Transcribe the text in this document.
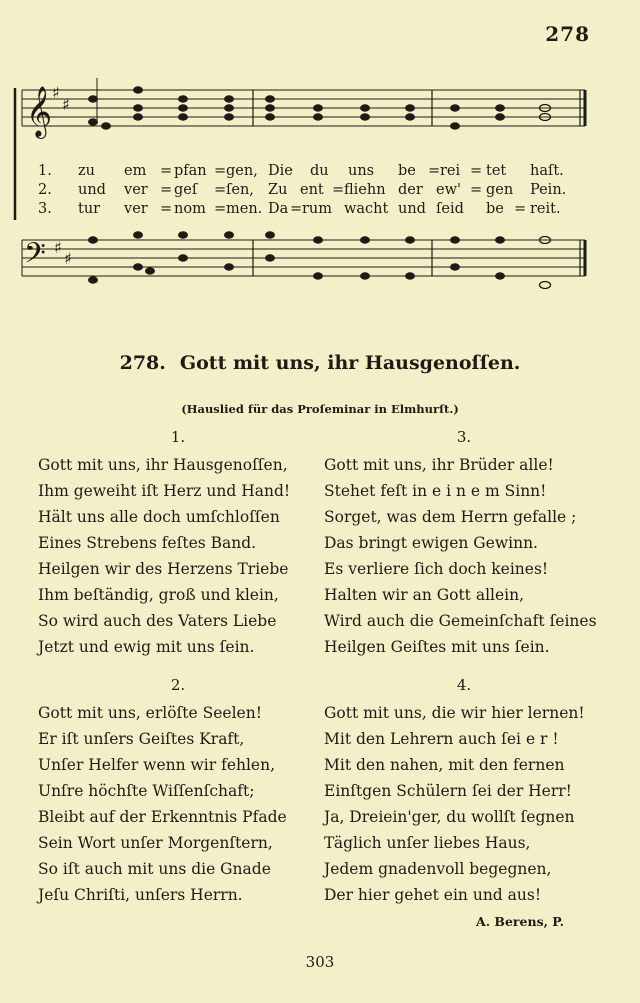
278
𝄞 ♯
♯
1. zu em = pfan = gen, Die du uns be = rei = tet haſt.
2. und ver = geſ = ſen, Zu ent = fliehn der ew' = gen Pein.
3. tur ver = nom = men. Da = rum wacht und ſeid be = reit.
𝄢 ♯
♯
278. Gott mit uns, ihr Hausgenoſſen.
(Hauslied für das Proſeminar in Elmhurſt.)
1.
Gott mit uns, ihr Hausgenoſſen,
Ihm geweiht iſt Herz und Hand!
Hält uns alle doch umſchloſſen
Eines Strebens feſtes Band.
Heilgen wir des Herzens Triebe
Ihm beſtändig, groß und klein,
So wird auch des Vaters Liebe
Jetzt und ewig mit uns ſein.
3.
Gott mit uns, ihr Brüder alle!
Stehet feſt in e i n e m Sinn!
Sorget, was dem Herrn gefalle ;
Das bringt ewigen Gewinn.
Es verliere ſich doch keines!
Halten wir an Gott allein,
Wird auch die Gemeinſchaft ſeines
Heilgen Geiſtes mit uns ſein.
2.
Gott mit uns, erlöſte Seelen!
Er iſt unſers Geiſtes Kraft,
Unſer Helfer wenn wir fehlen,
Unſre höchſte Wiſſenſchaft;
Bleibt auf der Erkenntnis Pfade
Sein Wort unſer Morgenſtern,
So iſt auch mit uns die Gnade
Jeſu Chriſti, unſers Herrn.
4.
Gott mit uns, die wir hier lernen!
Mit den Lehrern auch ſei e r !
Mit den nahen, mit den fernen
Einſtgen Schülern ſei der Herr!
Ja, Dreiein'ger, du wollſt ſegnen
Täglich unſer liebes Haus,
Jedem gnadenvoll begegnen,
Der hier gehet ein und aus!
A. Berens, P.
303
